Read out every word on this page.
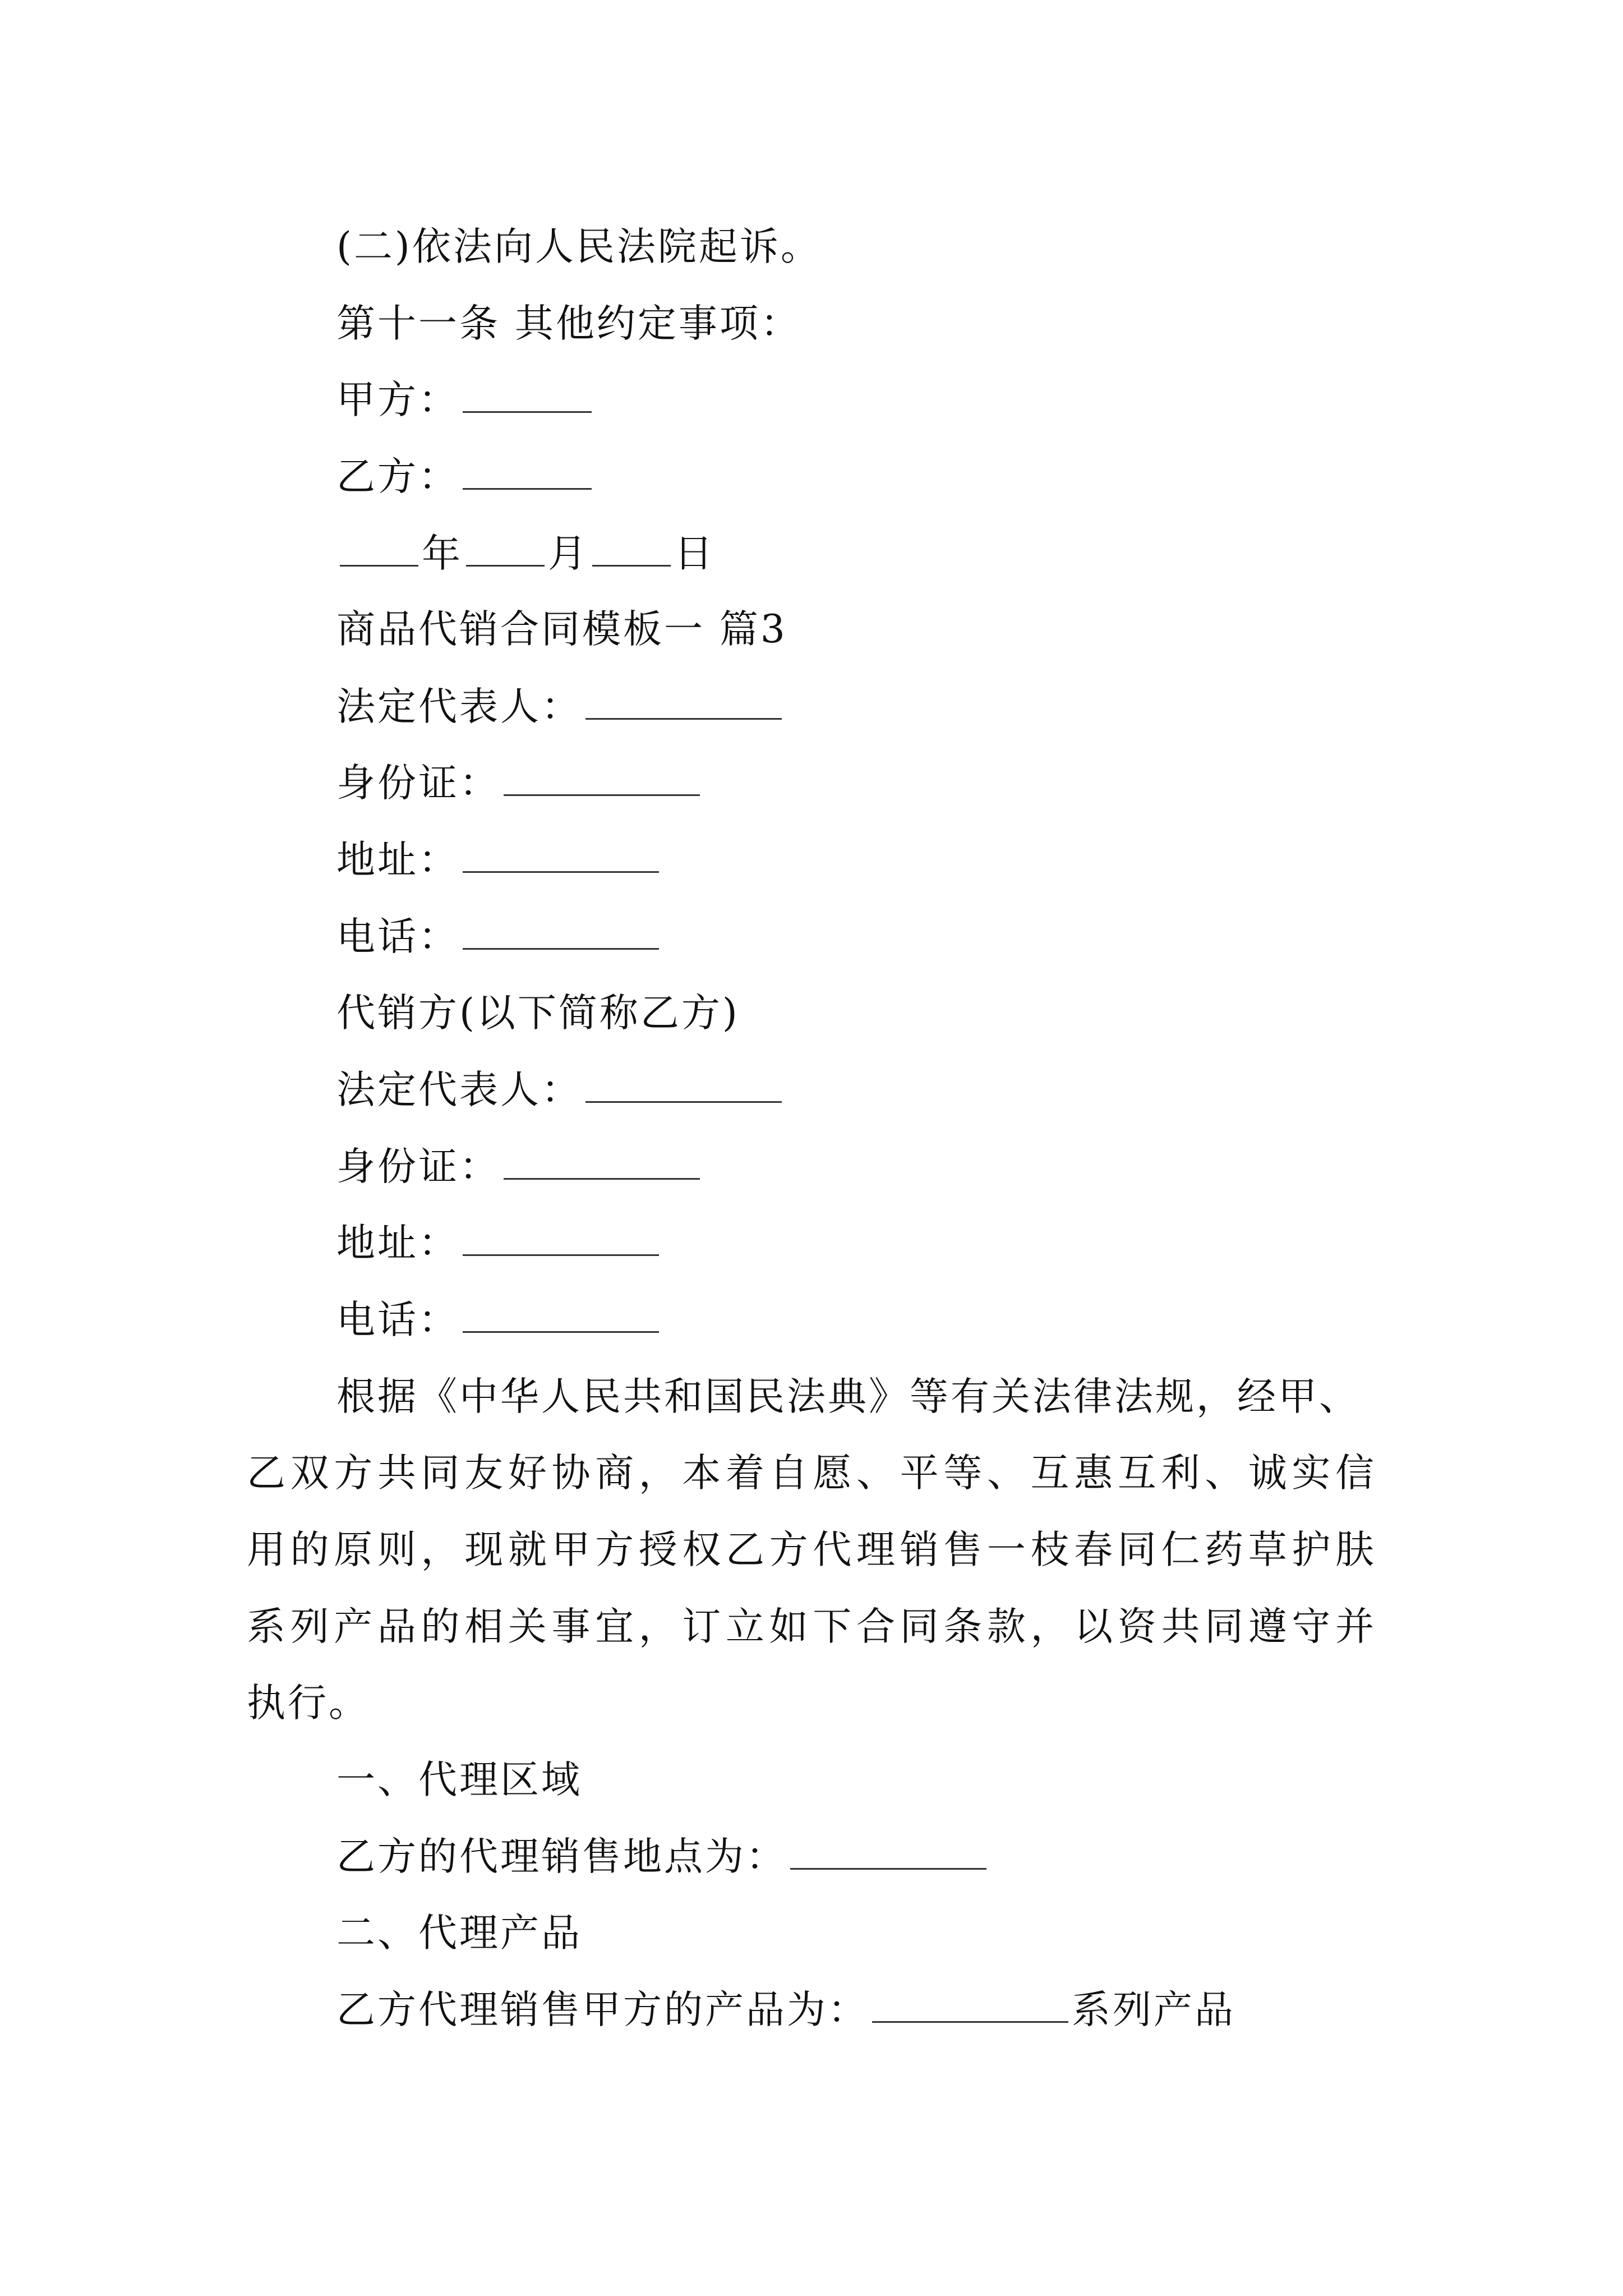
(二)依法向人民法院起诉。
第十一条 其他约定事项：
甲方：
乙方：
年 月 日
商品代销合同模板一 篇3
法定代表人：
身份证：
地址：
电话：
代销方(以下简称乙方)
法定代表人：
身份证：
地址：
电话：
根据《中华人民共和国民法典》等有关法律法规，经甲、
乙双方共同友好协商，本着自愿、平等、互惠互利、诚实信
用的原则，现就甲方授权乙方代理销售一枝春同仁药草护肤
系列产品的相关事宜，订立如下合同条款，以资共同遵守并
执行。
一、代理区域
乙方的代理销售地点为：
二、代理产品
乙方代理销售甲方的产品为：	系列产品
